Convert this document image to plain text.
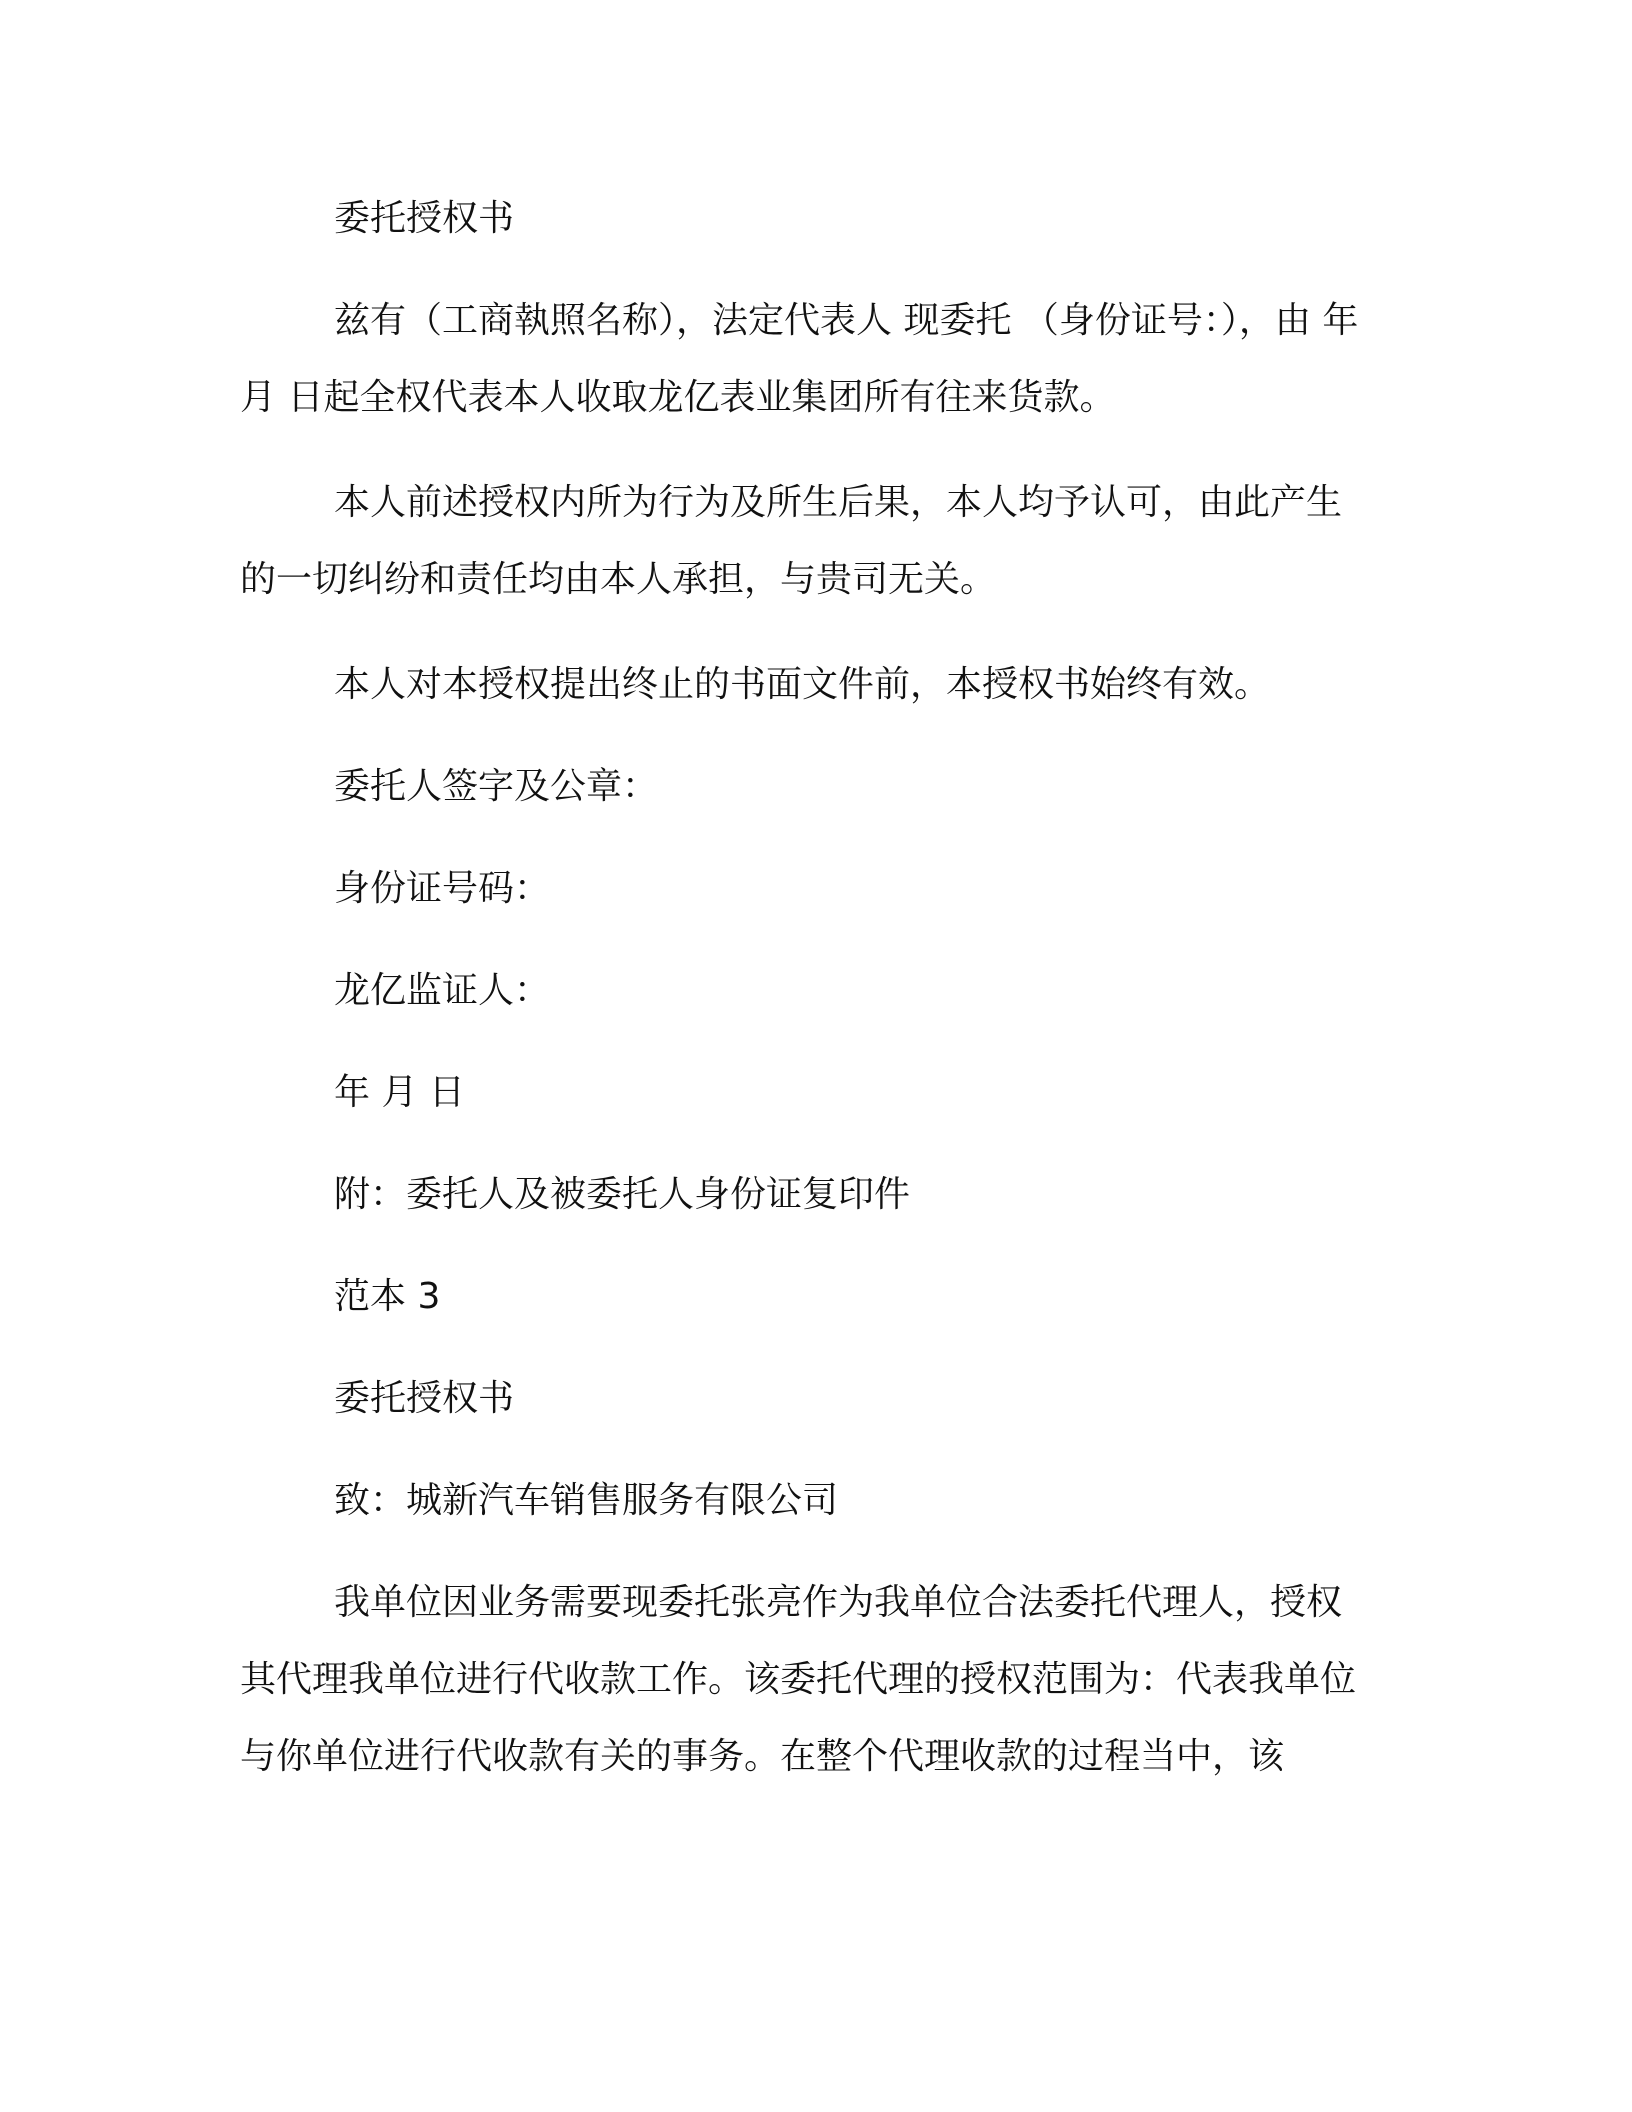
委托授权书

兹有（工商執照名称），法定代表人 现委托 （身份证号：），由 年 月 日起全权代表本人收取龙亿表业集团所有往来货款。

本人前述授权内所为行为及所生后果，本人均予认可，由此产生的一切纠纷和责任均由本人承担，与贵司无关。

本人对本授权提出终止的书面文件前，本授权书始终有效。

委托人签字及公章：

身份证号码：

龙亿监证人：

年 月 日

附：委托人及被委托人身份证复印件

范本 3

委托授权书

致：城新汽车销售服务有限公司

我单位因业务需要现委托张亮作为我单位合法委托代理人，授权其代理我单位进行代收款工作。该委托代理的授权范围为：代表我单位与你单位进行代收款有关的事务。在整个代理收款的过程当中，该
